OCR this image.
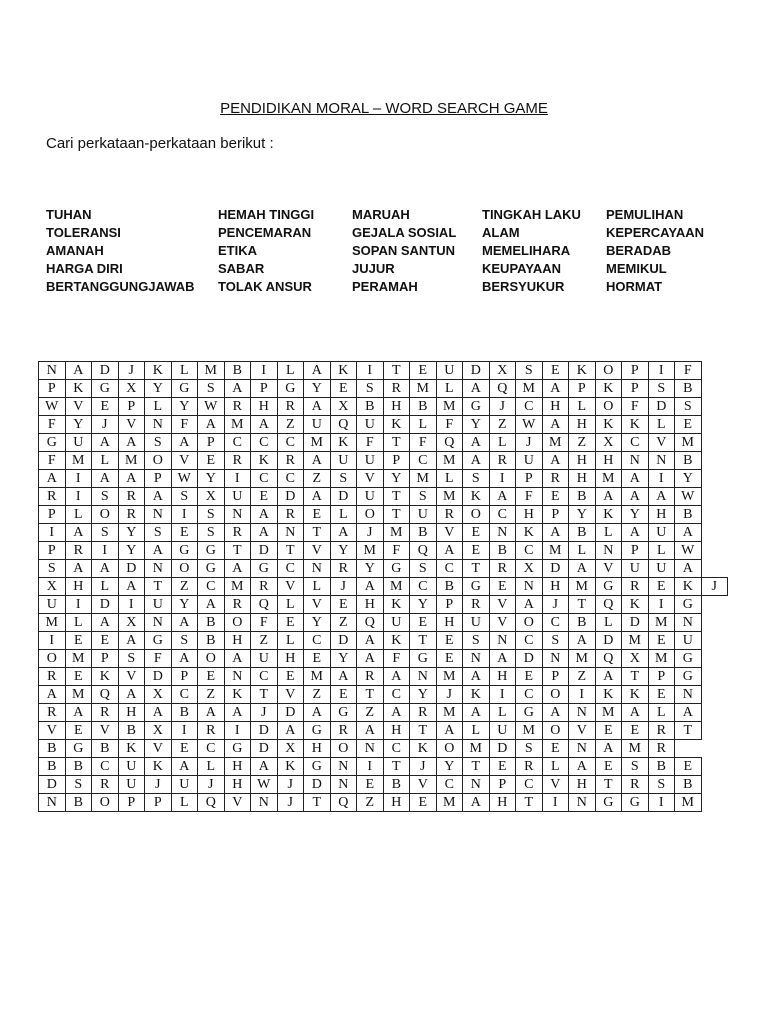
PENDIDIKAN MORAL – WORD SEARCH GAME
Cari perkataan-perkataan berikut :
TUHAN
TOLERANSI
AMANAH
HARGA DIRI
BERTANGGUNGJAWAB
HEMAH TINGGI
PENCEMARAN
ETIKA
SABAR
TOLAK ANSUR
MARUAH
GEJALA SOSIAL
SOPAN SANTUN
JUJUR
PERAMAH
TINGKAH LAKU
ALAM
MEMELIHARA
KEUPAYAAN
BERSYUKUR
PEMULIHAN
KEPERCAYAAN
BERADAB
MEMIKUL
HORMAT
N	A	D	J	K	L	M	B	I	L	A	K	I	T	E	U	D	X	S	E	K	O	P	I	F	
P	K	G	X	Y	G	S	A	P	G	Y	E	S	R	M	L	A	Q	M	A	P	K	P	S	B	
W	V	E	P	L	Y	W	R	H	R	A	X	B	H	B	M	G	J	C	H	L	O	F	D	S	
F	Y	J	V	N	F	A	M	A	Z	U	Q	U	K	L	F	Y	Z	W	A	H	K	K	L	E	
G	U	A	A	S	A	P	C	C	C	M	K	F	T	F	Q	A	L	J	M	Z	X	C	V	M	
F	M	L	M	O	V	E	R	K	R	A	U	U	P	C	M	A	R	U	A	H	H	N	N	B	
A	I	A	A	P	W	Y	I	C	C	Z	S	V	Y	M	L	S	I	P	R	H	M	A	I	Y	
R	I	S	R	A	S	X	U	E	D	A	D	U	T	S	M	K	A	F	E	B	A	A	A	W	
P	L	O	R	N	I	S	N	A	R	E	L	O	T	U	R	O	C	H	P	Y	K	Y	H	B	
I	A	S	Y	S	E	S	R	A	N	T	A	J	M	B	V	E	N	K	A	B	L	A	U	A	
P	R	I	Y	A	G	G	T	D	T	V	Y	M	F	Q	A	E	B	C	M	L	N	P	L	W	
S	A	A	D	N	O	G	A	G	C	N	R	Y	G	S	C	T	R	X	D	A	V	U	U	A	
X	H	L	A	T	Z	C	M	R	V	L	J	A	M	C	B	G	E	N	H	M	G	R	E	K	J
U	I	D	I	U	Y	A	R	Q	L	V	E	H	K	Y	P	R	V	A	J	T	Q	K	I	G	
M	L	A	X	N	A	B	O	F	E	Y	Z	Q	U	E	H	U	V	O	C	B	L	D	M	N	
I	E	E	A	G	S	B	H	Z	L	C	D	A	K	T	E	S	N	C	S	A	D	M	E	U	
O	M	P	S	F	A	O	A	U	H	E	Y	A	F	G	E	N	A	D	N	M	Q	X	M	G	
R	E	K	V	D	P	E	N	C	E	M	A	R	A	N	M	A	H	E	P	Z	A	T	P	G	
A	M	Q	A	X	C	Z	K	T	V	Z	E	T	C	Y	J	K	I	C	O	I	K	K	E	N	
R	A	R	H	A	B	A	A	J	D	A	G	Z	A	R	M	A	L	G	A	N	M	A	L	A	
V	E	V	B	X	I	R	I	D	A	G	R	A	H	T	A	L	U	M	O	V	E	E	R	T	
B	G	B	K	V	E	C	G	D	X	H	O	N	C	K	O	M	D	S	E	N	A	M	R		
B	B	C	U	K	A	L	H	A	K	G	N	I	T	J	Y	T	E	R	L	A	E	S	B	E	
D	S	R	U	J	U	J	H	W	J	D	N	E	B	V	C	N	P	C	V	H	T	R	S	B	
N	B	O	P	P	L	Q	V	N	J	T	Q	Z	H	E	M	A	H	T	I	N	G	G	I	M	
